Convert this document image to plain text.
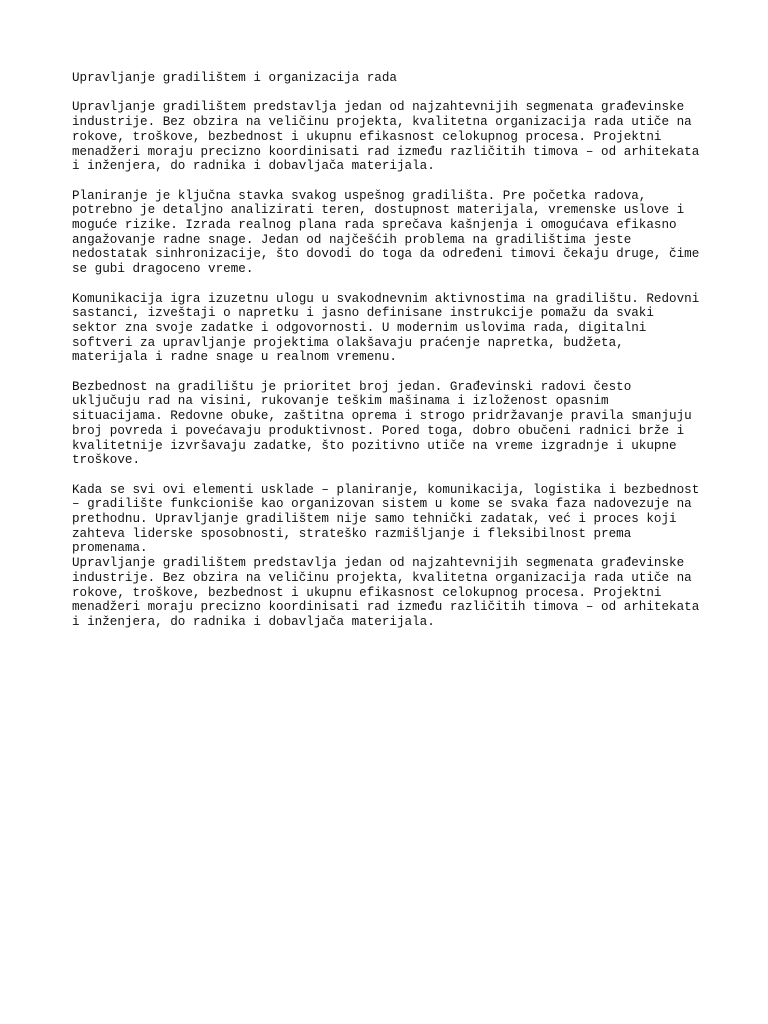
Upravljanje gradilištem i organizacija rada

Upravljanje gradilištem predstavlja jedan od najzahtevnijih segmenata građevinske
industrije. Bez obzira na veličinu projekta, kvalitetna organizacija rada utiče na
rokove, troškove, bezbednost i ukupnu efikasnost celokupnog procesa. Projektni
menadžeri moraju precizno koordinisati rad između različitih timova – od arhitekata
i inženjera, do radnika i dobavljača materijala.

Planiranje je ključna stavka svakog uspešnog gradilišta. Pre početka radova,
potrebno je detaljno analizirati teren, dostupnost materijala, vremenske uslove i
moguće rizike. Izrada realnog plana rada sprečava kašnjenja i omogućava efikasno
angažovanje radne snage. Jedan od najčešćih problema na gradilištima jeste
nedostatak sinhronizacije, što dovodi do toga da određeni timovi čekaju druge, čime
se gubi dragoceno vreme.

Komunikacija igra izuzetnu ulogu u svakodnevnim aktivnostima na gradilištu. Redovni
sastanci, izveštaji o napretku i jasno definisane instrukcije pomažu da svaki
sektor zna svoje zadatke i odgovornosti. U modernim uslovima rada, digitalni
softveri za upravljanje projektima olakšavaju praćenje napretka, budžeta,
materijala i radne snage u realnom vremenu.

Bezbednost na gradilištu je prioritet broj jedan. Građevinski radovi često
uključuju rad na visini, rukovanje teškim mašinama i izloženost opasnim
situacijama. Redovne obuke, zaštitna oprema i strogo pridržavanje pravila smanjuju
broj povreda i povećavaju produktivnost. Pored toga, dobro obučeni radnici brže i
kvalitetnije izvršavaju zadatke, što pozitivno utiče na vreme izgradnje i ukupne
troškove.

Kada se svi ovi elementi usklade – planiranje, komunikacija, logistika i bezbednost
– gradilište funkcioniše kao organizovan sistem u kome se svaka faza nadovezuje na
prethodnu. Upravljanje gradilištem nije samo tehnički zadatak, već i proces koji
zahteva liderske sposobnosti, strateško razmišljanje i fleksibilnost prema
promenama.

Upravljanje gradilištem predstavlja jedan od najzahtevnijih segmenata građevinske
industrije. Bez obzira na veličinu projekta, kvalitetna organizacija rada utiče na
rokove, troškove, bezbednost i ukupnu efikasnost celokupnog procesa. Projektni
menadžeri moraju precizno koordinisati rad između različitih timova – od arhitekata
i inženjera, do radnika i dobavljača materijala.
